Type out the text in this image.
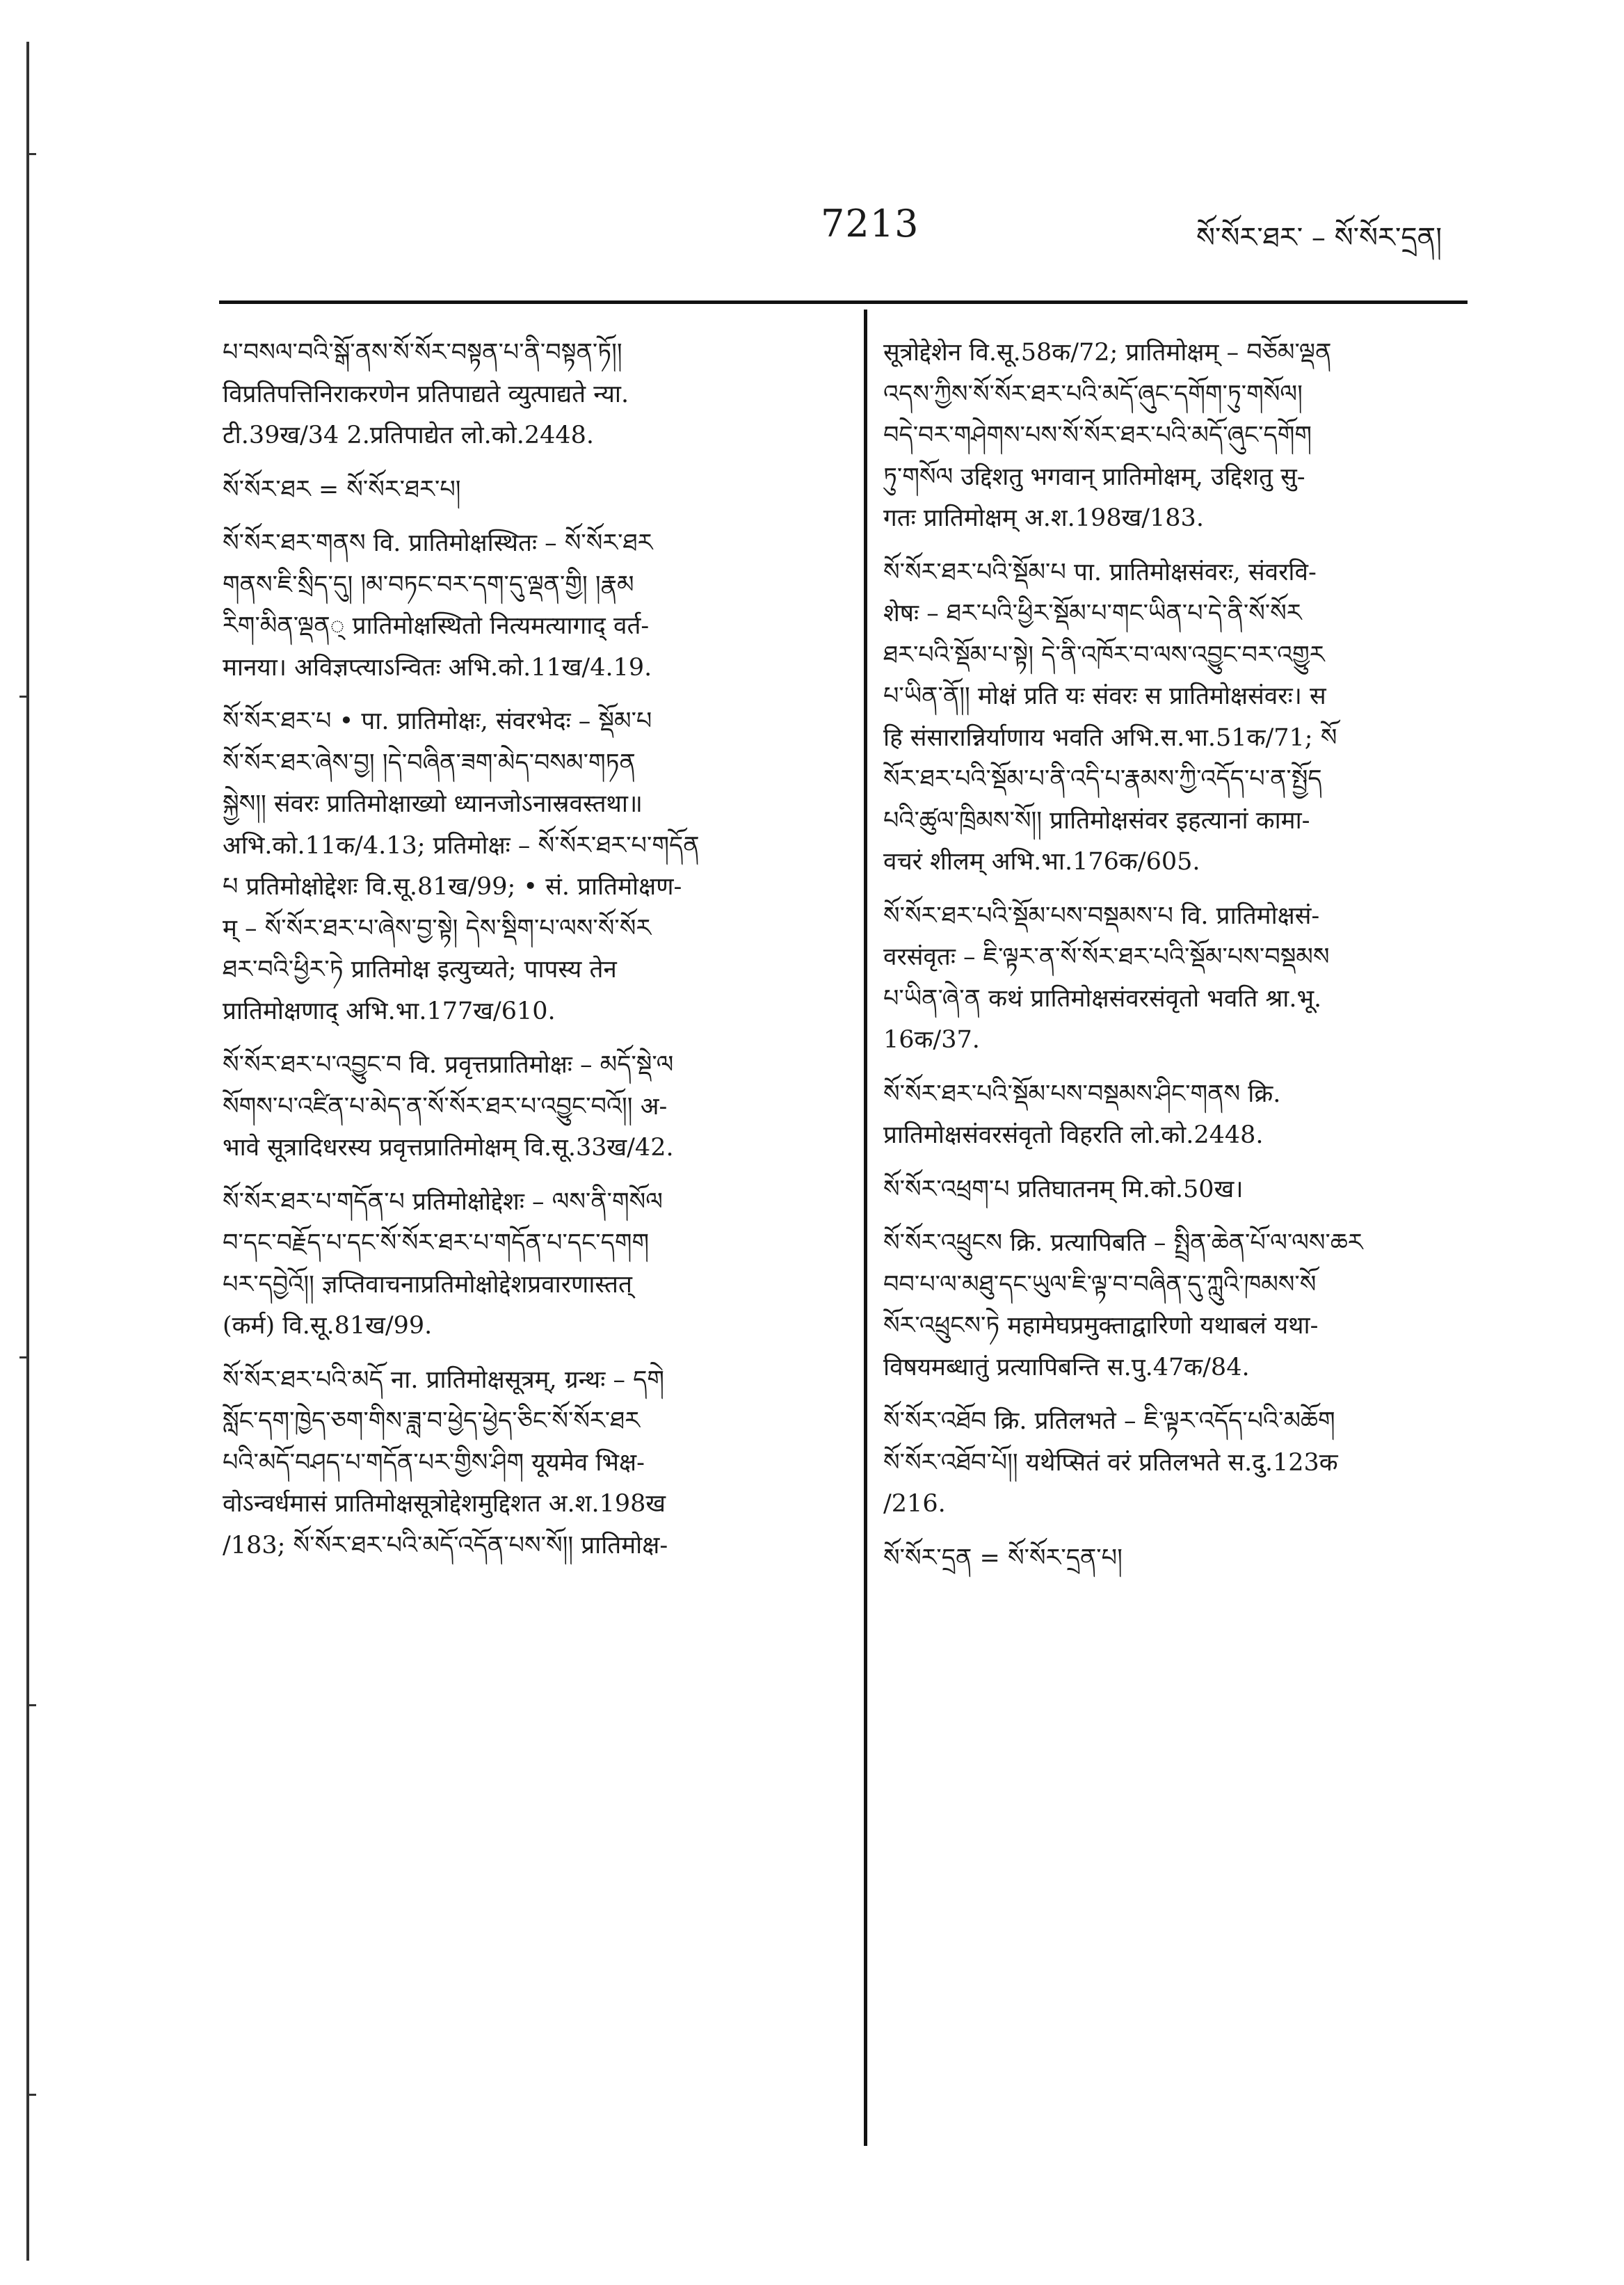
7213	སོ་སོར་ཐར་ – སོ་སོར་དྲན།
པ་བསལ་བའི་སྒོ་ནས་སོ་སོར་བསྟན་པ་ནི་བསྟན་ཏོ།།
विप्रतिपत्तिनिराकरणेन प्रतिपाद्यते व्युत्पाद्यते न्या.
टी.39ख/34 2.प्रतिपाद्येत लो.को.2448.
སོ་སོར་ཐར = སོ་སོར་ཐར་པ།
སོ་སོར་ཐར་གནས वि. प्रातिमोक्षस्थितः – སོ་སོར་ཐར
གནས་ཇི་སྲིད་དུ། །མ་བཏང་བར་དག་དུ་ལྡན་གྱི། །རྣམ
རིག་མིན་ལྡན् प्रातिमोक्षस्थितो नित्यमत्यागाद् वर्त-
मानया। अविज्ञप्त्याऽन्वितः अभि.को.11ख/4.19.
སོ་སོར་ཐར་པ • पा. प्रातिमोक्षः, संवरभेदः – སྡོམ་པ
སོ་སོར་ཐར་ཞེས་བྱ། །དེ་བཞིན་ཟག་མེད་བསམ་གཏན
སྐྱེས།། संवरः प्रातिमोक्षाख्यो ध्यानजोऽनास्रवस्तथा॥
अभि.को.11क/4.13; प्रतिमोक्षः – སོ་སོར་ཐར་པ་གདོན
པ प्रतिमोक्षोद्देशः वि.सू.81ख/99; • सं. प्रातिमोक्षण-
म् – སོ་སོར་ཐར་པ་ཞེས་བྱ་སྟེ། དེས་སྡིག་པ་ལས་སོ་སོར
ཐར་བའི་ཕྱིར་ཏེ प्रातिमोक्ष इत्युच्यते; पापस्य तेन
प्रातिमोक्षणाद् अभि.भा.177ख/610.
སོ་སོར་ཐར་པ་འབྱུང་བ वि. प्रवृत्तप्रातिमोक्षः – མདོ་སྡེ་ལ
སོགས་པ་འཛིན་པ་མེད་ན་སོ་སོར་ཐར་པ་འབྱུང་བའོ།། अ-
भावे सूत्रादिधरस्य प्रवृत्तप्रातिमोक्षम् वि.सू.33ख/42.
སོ་སོར་ཐར་པ་གདོན་པ प्रतिमोक्षोद्देशः – ལས་ནི་གསོལ
བ་དང་བརྗོད་པ་དང་སོ་སོར་ཐར་པ་གདོན་པ་དང་དགག
པར་དབྱེའོ།། ज्ञप्तिवाचनाप्रतिमोक्षोद्देशप्रवारणास्तत्
(कर्म) वि.सू.81ख/99.
སོ་སོར་ཐར་པའི་མདོ ना. प्रातिमोक्षसूत्रम्, ग्रन्थः – དགེ
སློང་དག་ཁྱེད་ཅག་གིས་ཟླ་བ་ཕྱེད་ཕྱེད་ཅིང་སོ་སོར་ཐར
པའི་མདོ་བཤད་པ་གདོན་པར་གྱིས་ཤིག यूयमेव भिक्ष-
वोऽन्वर्धमासं प्रातिमोक्षसूत्रोद्देशमुद्दिशत अ.श.198ख
/183; སོ་སོར་ཐར་པའི་མདོ་འདོན་པས་སོ།། प्रातिमोक्ष-
सूत्रोद्देशेन वि.सू.58क/72; प्रातिमोक्षम् – བཅོམ་ལྡན
འདས་ཀྱིས་སོ་སོར་ཐར་པའི་མདོ་ཞུང་དགོག་ཏུ་གསོལ།
བདེ་བར་གཤེགས་པས་སོ་སོར་ཐར་པའི་མདོ་ཞུང་དགོག
ཏུ་གསོལ उद्दिशतु भगवान् प्रातिमोक्षम्, उद्दिशतु सु-
गतः प्रातिमोक्षम् अ.श.198ख/183.
སོ་སོར་ཐར་པའི་སྡོམ་པ पा. प्रातिमोक्षसंवरः, संवरवि-
शेषः – ཐར་པའི་ཕྱིར་སྡོམ་པ་གང་ཡིན་པ་དེ་ནི་སོ་སོར
ཐར་པའི་སྡོམ་པ་སྟེ། དེ་ནི་འཁོར་བ་ལས་འབྱུང་བར་འགྱུར
པ་ཡིན་ནོ།། मोक्षं प्रति यः संवरः स प्रातिमोक्षसंवरः। स
हि संसारान्निर्याणाय भवति अभि.स.भा.51क/71; སོ
སོར་ཐར་པའི་སྡོམ་པ་ནི་འདི་པ་རྣམས་ཀྱི་འདོད་པ་ན་སྤྱོད
པའི་ཚུལ་ཁྲིམས་སོ།། प्रातिमोक्षसंवर इहत्यानां कामा-
वचरं शीलम् अभि.भा.176क/605.
སོ་སོར་ཐར་པའི་སྡོམ་པས་བསྡམས་པ वि. प्रातिमोक्षसं-
वरसंवृतः – ཇི་ལྟར་ན་སོ་སོར་ཐར་པའི་སྡོམ་པས་བསྡམས
པ་ཡིན་ཞེ་ན कथं प्रातिमोक्षसंवरसंवृतो भवति श्रा.भू.
16क/37.
སོ་སོར་ཐར་པའི་སྡོམ་པས་བསྡམས་ཤིང་གནས क्रि.
प्रातिमोक्षसंवरसंवृतो विहरति लो.को.2448.
སོ་སོར་འཕྲག་པ प्रतिघातनम् मि.को.50ख।
སོ་སོར་འཕྲུངས क्रि. प्रत्यापिबति – སྤྲིན་ཆེན་པོ་ལ་ལས་ཆར
བབ་པ་ལ་མཐུ་དང་ཡུལ་ཇི་ལྟ་བ་བཞིན་དུ་ཀླུའི་ཁམས་སོ
སོར་འཕྲུངས་ཏེ महामेघप्रमुक्ताद्वारिणो यथाबलं यथा-
विषयमब्धातुं प्रत्यापिबन्ति स.पु.47क/84.
སོ་སོར་འཐོབ क्रि. प्रतिलभते – ཇི་ལྟར་འདོད་པའི་མཆོག
སོ་སོར་འཐོབ་པོ།། यथेप्सितं वरं प्रतिलभते स.दु.123क
/216.
སོ་སོར་དྲན = སོ་སོར་དྲན་པ།
